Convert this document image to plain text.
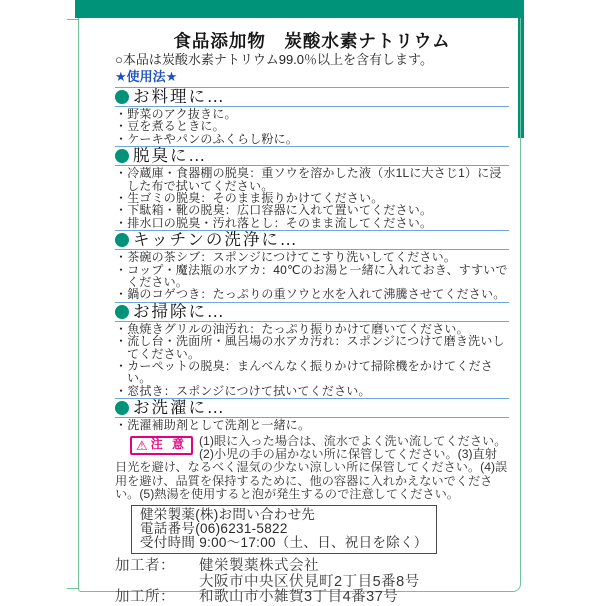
食品添加物　炭酸水素ナトリウム
○本品は炭酸水素ナトリウム99.0％以上を含有します。
★使用法★
お料理に…
・ 野菜のアク抜きに。
・ 豆を煮るときに。
・ ケーキやパンのふくらし粉に。
脱臭に…
・ 冷蔵庫・食器棚の脱臭：重ソウを溶かした液（水1Lに大さじ1）に浸した布で拭いてください。
・ 生ゴミの脱臭：そのまま振りかけてください。
・ 下駄箱・靴の脱臭：広口容器に入れて置いてください。
・ 排水口の脱臭・汚れ落とし：そのまま流してください。
キッチンの洗浄に…
・ 茶碗の茶シブ：スポンジにつけてこすり洗いしてください。
・ コップ・魔法瓶の水アカ：40℃のお湯と一緒に入れておき、すすいでください。
・ 鍋のコゲつき：たっぷりの重ソウと水を入れて沸騰させてください。
お掃除に…
・ 魚焼きグリルの油汚れ：たっぷり振りかけて磨いてください。
・ 流し台・洗面所・風呂場の水アカ汚れ：スポンジにつけて磨き洗いしてください。
・ カーペットの脱臭：まんべんなく振りかけて掃除機をかけてください。
・ 窓拭き：スポンジにつけて拭いてください。
お洗濯に…
・ 洗濯補助剤として洗剤と一緒に。
⚠ 注 意 (1)眼に入った場合は、流水でよく洗い流してください。(2)小児の手の届かない所に保管してください。(3)直射日光を避け、なるべく湿気の少ない涼しい所に保管してください。(4)誤用を避け、品質を保持するために、他の容器に入れかえないでください。(5)熱湯を使用すると泡が発生するので注意してください。
健栄製薬(株)お問い合わせ先
電話番号(06)6231-5822
受付時間 9:00～17:00（土、日、祝日を除く）
加工者： 健栄製薬株式会社
大阪市中央区伏見町2丁目5番8号
加工所： 和歌山市小雑賀3丁目4番37号
